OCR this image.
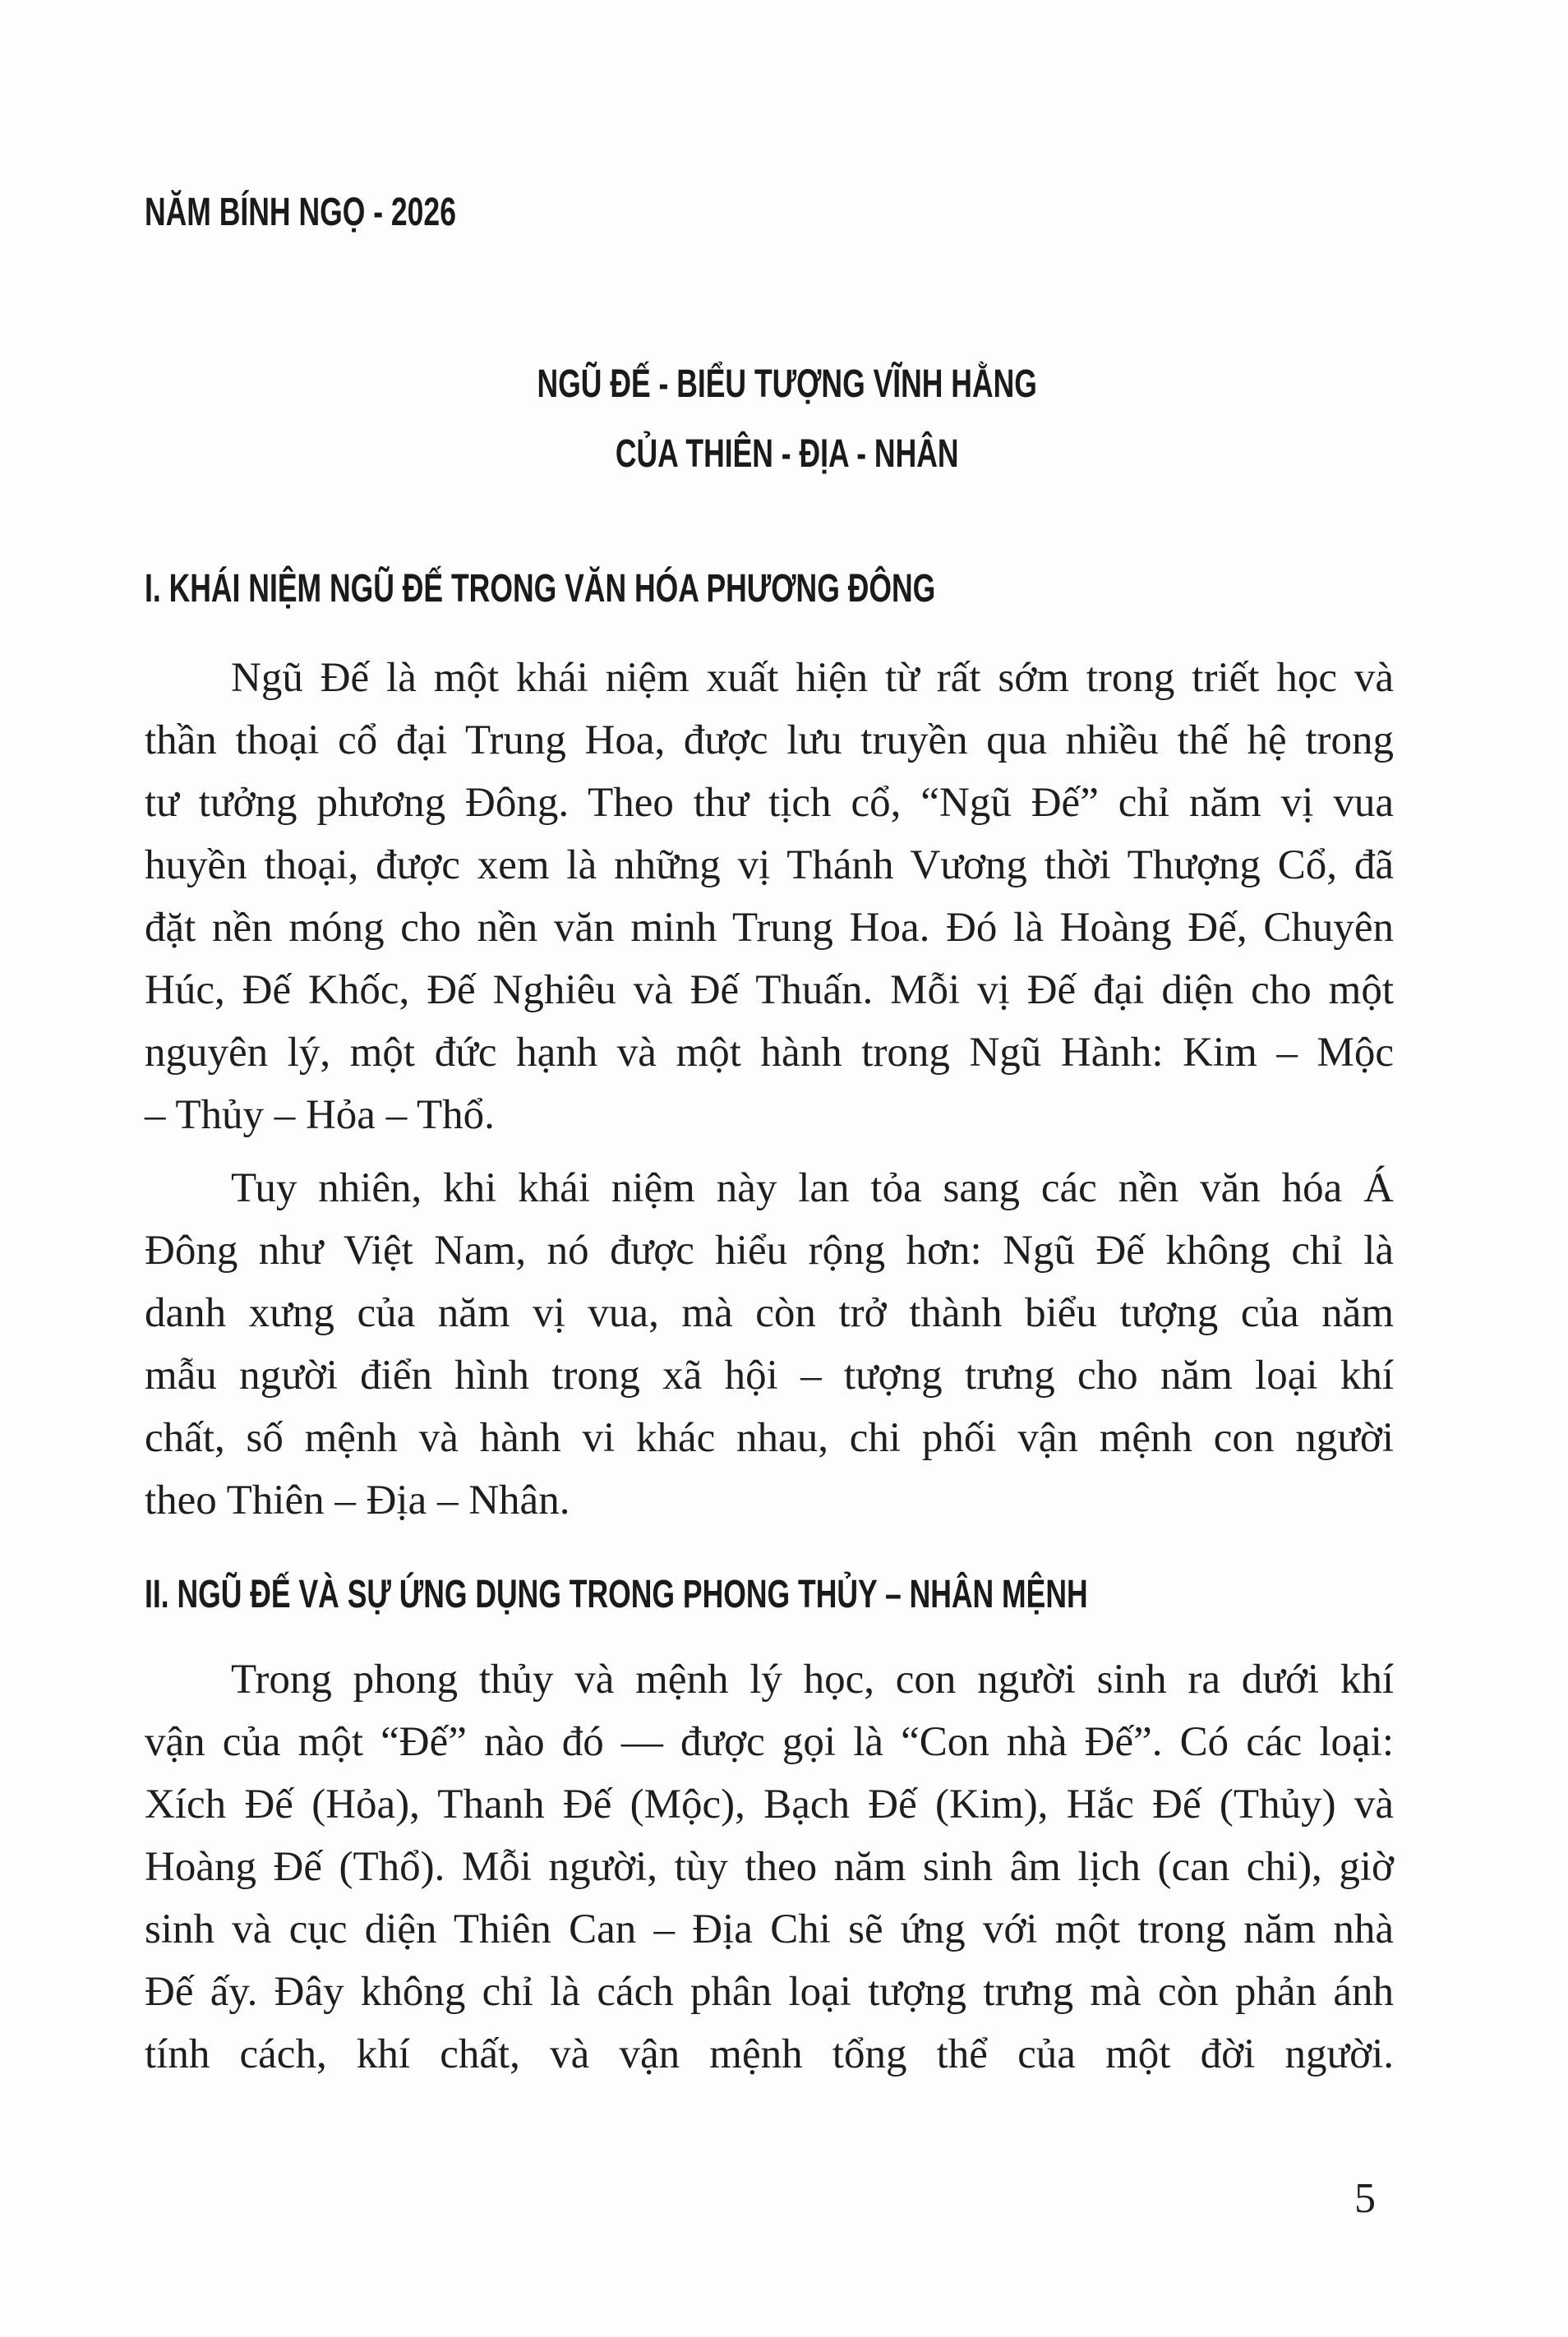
NĂM BÍNH NGỌ - 2026
NGŨ ĐẾ - BIỂU TƯỢNG VĨNH HẰNG
CỦA THIÊN - ĐỊA - NHÂN
I. KHÁI NIỆM NGŨ ĐẾ TRONG VĂN HÓA PHƯƠNG ĐÔNG
Ngũ Đế là một khái niệm xuất hiện từ rất sớm trong triết học và
thần thoại cổ đại Trung Hoa, được lưu truyền qua nhiều thế hệ trong
tư tưởng phương Đông. Theo thư tịch cổ, “Ngũ Đế” chỉ năm vị vua
huyền thoại, được xem là những vị Thánh Vương thời Thượng Cổ, đã
đặt nền móng cho nền văn minh Trung Hoa. Đó là Hoàng Đế, Chuyên
Húc, Đế Khốc, Đế Nghiêu và Đế Thuấn. Mỗi vị Đế đại diện cho một
nguyên lý, một đức hạnh và một hành trong Ngũ Hành: Kim – Mộc
– Thủy – Hỏa – Thổ.
Tuy nhiên, khi khái niệm này lan tỏa sang các nền văn hóa Á
Đông như Việt Nam, nó được hiểu rộng hơn: Ngũ Đế không chỉ là
danh xưng của năm vị vua, mà còn trở thành biểu tượng của năm
mẫu người điển hình trong xã hội – tượng trưng cho năm loại khí
chất, số mệnh và hành vi khác nhau, chi phối vận mệnh con người
theo Thiên – Địa – Nhân.
II. NGŨ ĐẾ VÀ SỰ ỨNG DỤNG TRONG PHONG THỦY – NHÂN MỆNH
Trong phong thủy và mệnh lý học, con người sinh ra dưới khí
vận của một “Đế” nào đó — được gọi là “Con nhà Đế”. Có các loại:
Xích Đế (Hỏa), Thanh Đế (Mộc), Bạch Đế (Kim), Hắc Đế (Thủy) và
Hoàng Đế (Thổ). Mỗi người, tùy theo năm sinh âm lịch (can chi), giờ
sinh và cục diện Thiên Can – Địa Chi sẽ ứng với một trong năm nhà
Đế ấy. Đây không chỉ là cách phân loại tượng trưng mà còn phản ánh
tính cách, khí chất, và vận mệnh tổng thể của một đời người.
5
